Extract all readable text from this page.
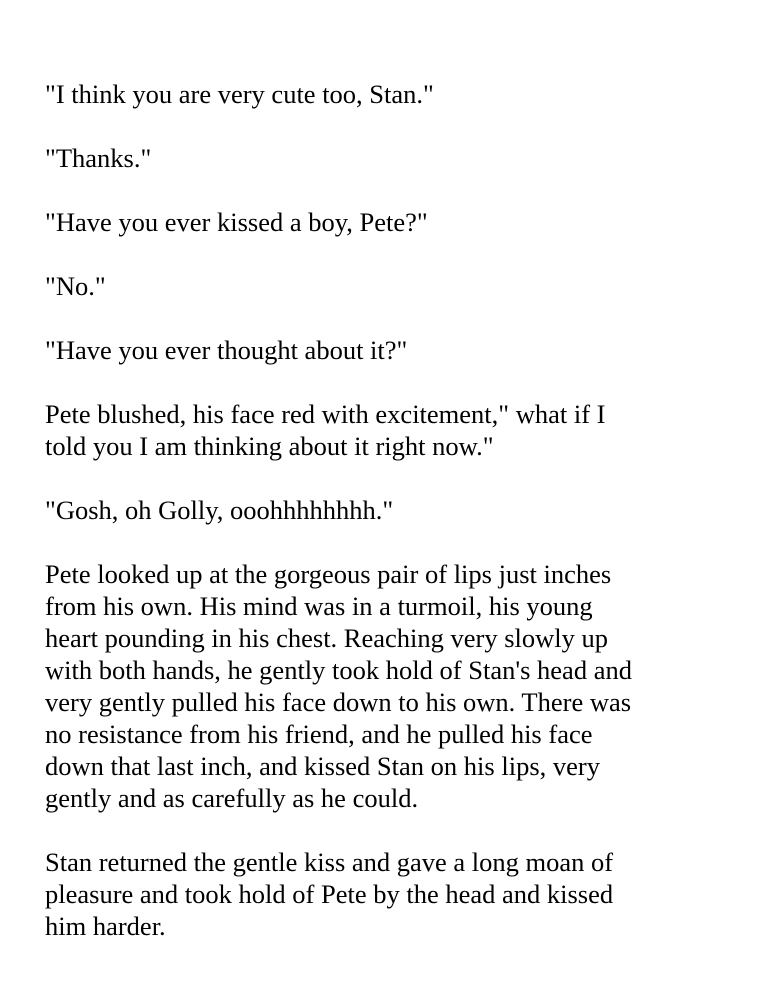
"I think you are very cute too, Stan."

"Thanks."

"Have you ever kissed a boy, Pete?"

"No."

"Have you ever thought about it?"

Pete blushed, his face red with excitement," what if I
told you I am thinking about it right now."

"Gosh, oh Golly, ooohhhhhhhh."

Pete looked up at the gorgeous pair of lips just inches
from his own. His mind was in a turmoil, his young
heart pounding in his chest. Reaching very slowly up
with both hands, he gently took hold of Stan's head and
very gently pulled his face down to his own. There was
no resistance from his friend, and he pulled his face
down that last inch, and kissed Stan on his lips, very
gently and as carefully as he could.

Stan returned the gentle kiss and gave a long moan of
pleasure and took hold of Pete by the head and kissed
him harder.
